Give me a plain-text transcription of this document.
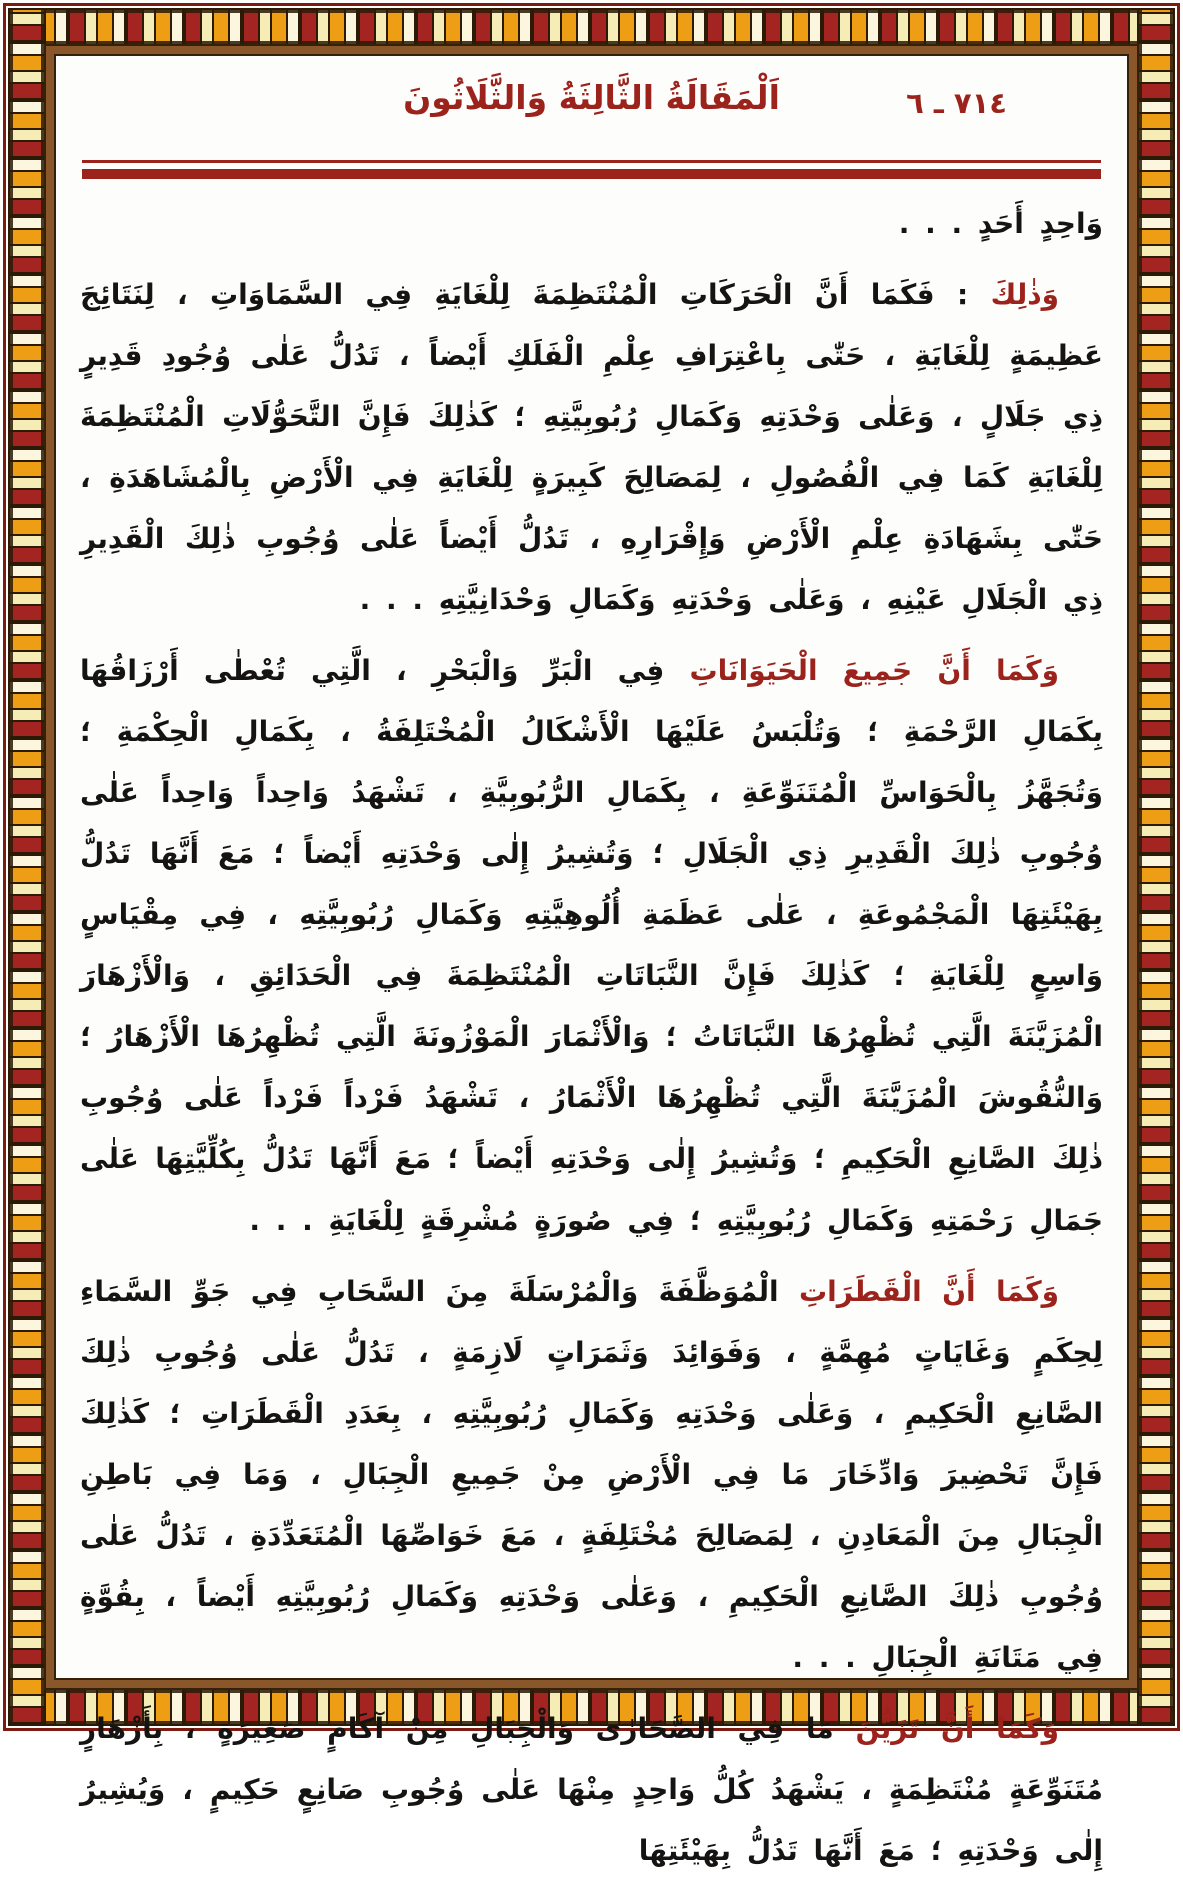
٧١٤ ـ ٦
اَلْمَقَالَةُ الثَّالِثَةُ وَالثَّلَاثُونَ

وَاحِدٍ أَحَدٍ . . .

وَذٰلِكَ : فَكَمَا أَنَّ الْحَرَكَاتِ الْمُنْتَظِمَةَ لِلْغَايَةِ فِي السَّمَاوَاتِ ، لِنَتَائِجَ عَظِيمَةٍ لِلْغَايَةِ ، حَتّٰى بِاعْتِرَافِ عِلْمِ الْفَلَكِ أَيْضاً ، تَدُلُّ عَلٰى وُجُودِ قَدِيرٍ ذِي جَلَالٍ ، وَعَلٰى وَحْدَتِهِ وَكَمَالِ رُبُوبِيَّتِهِ ؛ كَذٰلِكَ فَإِنَّ التَّحَوُّلَاتِ الْمُنْتَظِمَةَ لِلْغَايَةِ كَمَا فِي الْفُصُولِ ، لِمَصَالِحَ كَبِيرَةٍ لِلْغَايَةِ فِي الْأَرْضِ بِالْمُشَاهَدَةِ ، حَتّٰى بِشَهَادَةِ عِلْمِ الْأَرْضِ وَإِقْرَارِهِ ، تَدُلُّ أَيْضاً عَلٰى وُجُوبِ ذٰلِكَ الْقَدِيرِ ذِي الْجَلَالِ عَيْنِهِ ، وَعَلٰى وَحْدَتِهِ وَكَمَالِ وَحْدَانِيَّتِهِ . . .

وَكَمَا أَنَّ جَمِيعَ الْحَيَوَانَاتِ فِي الْبَرِّ وَالْبَحْرِ ، الَّتِي تُعْطٰى أَرْزَاقُهَا بِكَمَالِ الرَّحْمَةِ ؛ وَتُلْبَسُ عَلَيْهَا الْأَشْكَالُ الْمُخْتَلِفَةُ ، بِكَمَالِ الْحِكْمَةِ ؛ وَتُجَهَّزُ بِالْحَوَاسِّ الْمُتَنَوِّعَةِ ، بِكَمَالِ الرُّبُوبِيَّةِ ، تَشْهَدُ وَاحِداً وَاحِداً عَلٰى وُجُوبِ ذٰلِكَ الْقَدِيرِ ذِي الْجَلَالِ ؛ وَتُشِيرُ إِلٰى وَحْدَتِهِ أَيْضاً ؛ مَعَ أَنَّهَا تَدُلُّ بِهَيْئَتِهَا الْمَجْمُوعَةِ ، عَلٰى عَظَمَةِ أُلُوهِيَّتِهِ وَكَمَالِ رُبُوبِيَّتِهِ ، فِي مِقْيَاسٍ وَاسِعٍ لِلْغَايَةِ ؛ كَذٰلِكَ فَإِنَّ النَّبَاتَاتِ الْمُنْتَظِمَةَ فِي الْحَدَائِقِ ، وَالْأَزْهَارَ الْمُزَيَّنَةَ الَّتِي تُظْهِرُهَا النَّبَاتَاتُ ؛ وَالْأَثْمَارَ الْمَوْزُونَةَ الَّتِي تُظْهِرُهَا الْأَزْهَارُ ؛ وَالنُّقُوشَ الْمُزَيَّنَةَ الَّتِي تُظْهِرُهَا الْأَثْمَارُ ، تَشْهَدُ فَرْداً فَرْداً عَلٰى وُجُوبِ ذٰلِكَ الصَّانِعِ الْحَكِيمِ ؛ وَتُشِيرُ إِلٰى وَحْدَتِهِ أَيْضاً ؛ مَعَ أَنَّهَا تَدُلُّ بِكُلِّيَّتِهَا عَلٰى جَمَالِ رَحْمَتِهِ وَكَمَالِ رُبُوبِيَّتِهِ ؛ فِي صُورَةٍ مُشْرِقَةٍ لِلْغَايَةِ . . .

وَكَمَا أَنَّ الْقَطَرَاتِ الْمُوَظَّفَةَ وَالْمُرْسَلَةَ مِنَ السَّحَابِ فِي جَوِّ السَّمَاءِ لِحِكَمٍ وَغَايَاتٍ مُهِمَّةٍ ، وَفَوَائِدَ وَثَمَرَاتٍ لَازِمَةٍ ، تَدُلُّ عَلٰى وُجُوبِ ذٰلِكَ الصَّانِعِ الْحَكِيمِ ، وَعَلٰى وَحْدَتِهِ وَكَمَالِ رُبُوبِيَّتِهِ ، بِعَدَدِ الْقَطَرَاتِ ؛ كَذٰلِكَ فَإِنَّ تَحْضِيرَ وَادِّخَارَ مَا فِي الْأَرْضِ مِنْ جَمِيعِ الْجِبَالِ ، وَمَا فِي بَاطِنِ الْجِبَالِ مِنَ الْمَعَادِنِ ، لِمَصَالِحَ مُخْتَلِفَةٍ ، مَعَ خَوَاصِّهَا الْمُتَعَدِّدَةِ ، تَدُلُّ عَلٰى وُجُوبِ ذٰلِكَ الصَّانِعِ الْحَكِيمِ ، وَعَلٰى وَحْدَتِهِ وَكَمَالِ رُبُوبِيَّتِهِ أَيْضاً ، بِقُوَّةٍ فِي مَتَانَةِ الْجِبَالِ . . .

وَكَمَا أَنَّ تَزَيُّنَ مَا فِي الصَّحَارٰى وَالْجِبَالِ مِنْ آكَامٍ صَغِيرَةٍ ، بِأَزْهَارٍ مُتَنَوِّعَةٍ مُنْتَظِمَةٍ ، يَشْهَدُ كُلُّ وَاحِدٍ مِنْهَا عَلٰى وُجُوبِ صَانِعٍ حَكِيمٍ ، وَيُشِيرُ إِلٰى وَحْدَتِهِ ؛ مَعَ أَنَّهَا تَدُلُّ بِهَيْئَتِهَا
